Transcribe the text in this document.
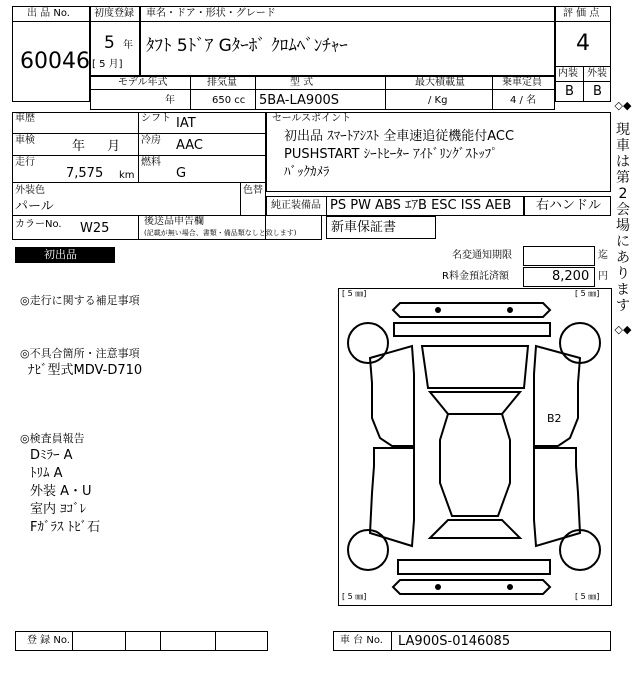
出 品 No.
60046
初度登録
5 年
[ 5 月]
車名・ドア・形状・グレード
ﾀﾌﾄ 5ﾄﾞｱ Gﾀｰﾎﾞ ｸﾛﾑﾍﾞﾝﾁｬｰ
評 価 点
4
内装 外装
B B
モデル年式
年
排気量
650 cc
型 式
5BA-LA900S
最大積載量
/ Kg
乗車定員
4 / 名
車歴	シフト IAT
車検	年 月 冷房 AAC
走行
7,575 km
燃料
G
外装色
パール
色替
カラーNo. W25	後送品申告欄
(記載が無い場合、書類・備品類なしと致します)
セールスポイント
初出品 ｽﾏｰﾄｱｼｽﾄ 全車速追従機能付ACC
PUSHSTART ｼｰﾄﾋｰﾀｰ ｱｲﾄﾞﾘﾝｸﾞｽﾄｯﾌﾟ
ﾊﾞｯｸｶﾒﾗ
純正装備品 PS PW ABS ｴｱB ESC ISS AEB 右ハンドル
新車保証書
初出品	名変通知期限	迄
R料金預託済額	8,200 円
◎走行に関する補足事項
◎不具合箇所・注意事項
ﾅﾋﾞ型式MDV-D710
◎検査員報告
Dﾐﾗｰ A
ﾄﾘﾑ A
外装 A・U
室内 ﾖｺﾞﾚ
Fｶﾞﾗｽ ﾄﾋﾞ石
[ 5 ㎜]	[ 5 ㎜]
[ 5 ㎜]	[ 5 ㎜]
B2
◇◆
現
車
は
第
2
会
場
に
あ
り
ま
す
◇◆
登 録 No.	車 台 No. LA900S-0146085
